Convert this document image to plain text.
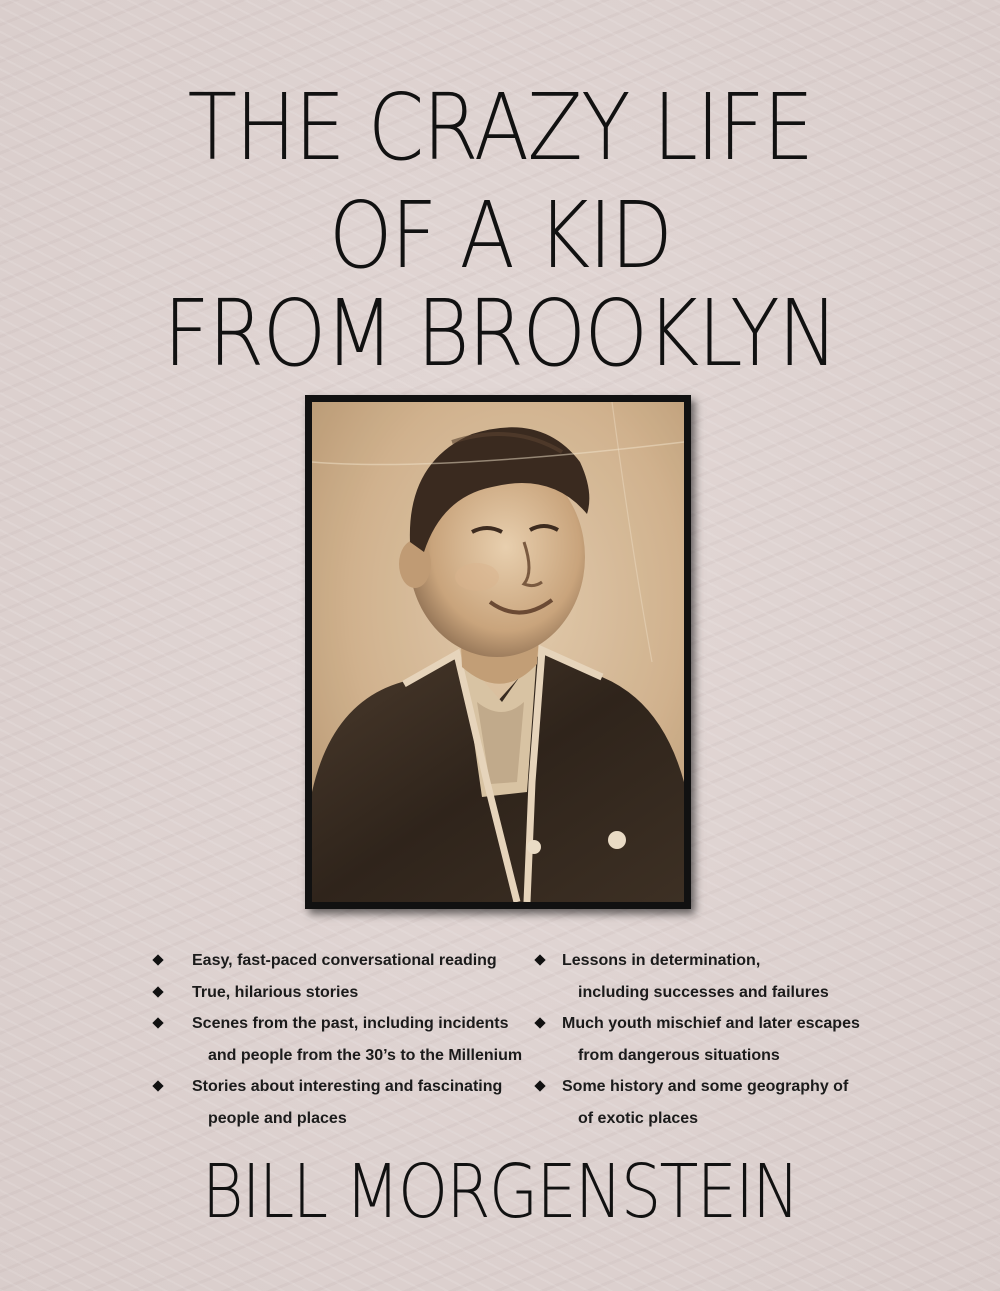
THE CRAZY LIFE
OF A KID
FROM BROOKLYN
Easy, fast-paced conversational reading
True, hilarious stories
Scenes from the past, including incidents
and people from the 30’s to the Millenium
Stories about interesting and fascinating
people and places
Lessons in determination,
including successes and failures
Much youth mischief and later escapes
from dangerous situations
Some history and some geography of
of exotic places
BILL MORGENSTEIN
